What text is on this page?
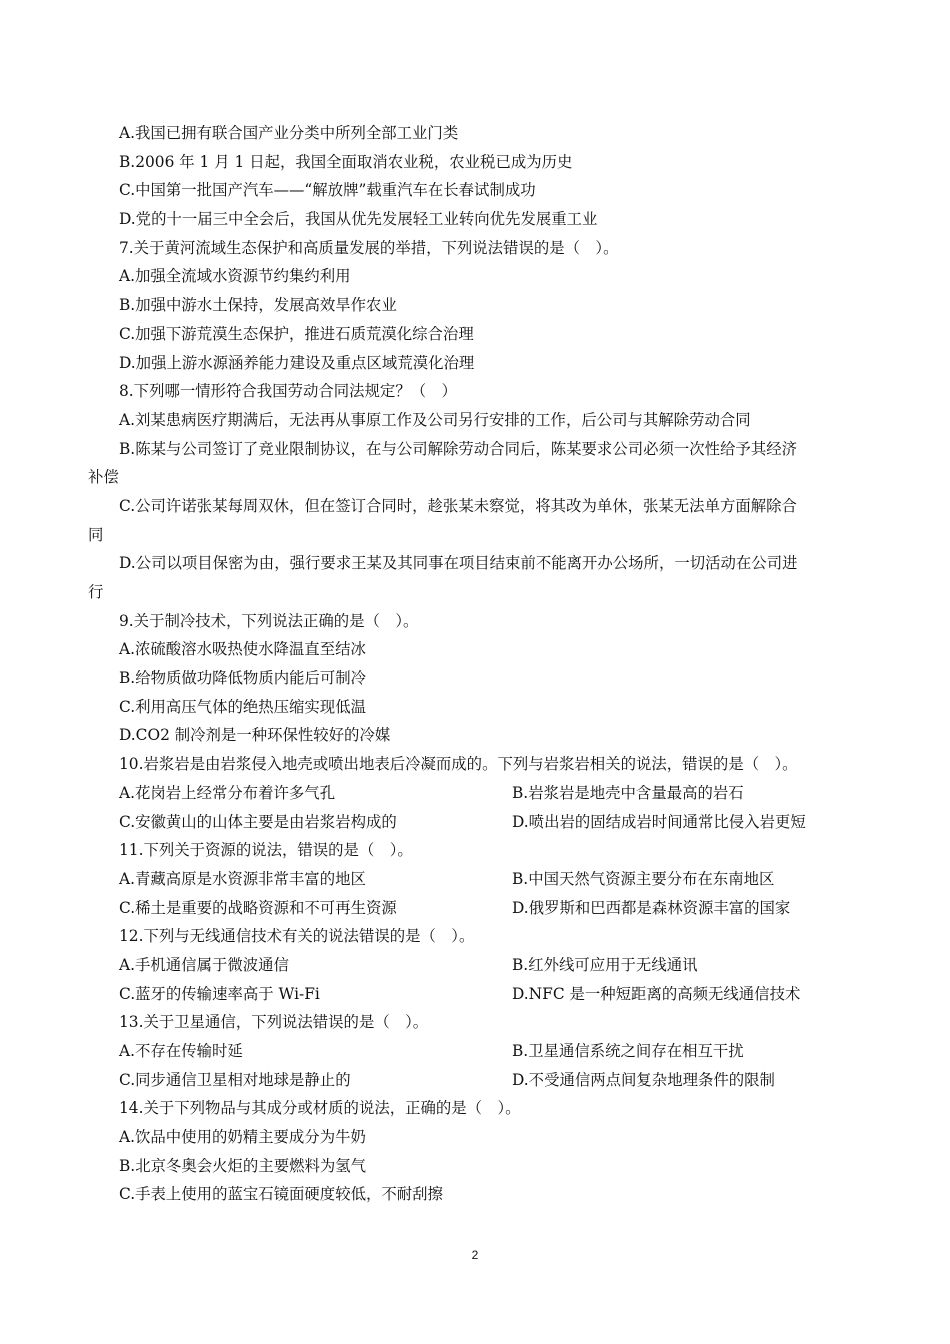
A.我国已拥有联合国产业分类中所列全部工业门类
B.2006 年 1 月 1 日起，我国全面取消农业税，农业税已成为历史
C.中国第一批国产汽车——“解放牌”载重汽车在长春试制成功
D.党的十一届三中全会后，我国从优先发展轻工业转向优先发展重工业
7.关于黄河流域生态保护和高质量发展的举措，下列说法错误的是（　）。
A.加强全流域水资源节约集约利用
B.加强中游水土保持，发展高效旱作农业
C.加强下游荒漠生态保护，推进石质荒漠化综合治理
D.加强上游水源涵养能力建设及重点区域荒漠化治理
8.下列哪一情形符合我国劳动合同法规定？（　）
A.刘某患病医疗期满后，无法再从事原工作及公司另行安排的工作，后公司与其解除劳动合同
B.陈某与公司签订了竞业限制协议，在与公司解除劳动合同后，陈某要求公司必须一次性给予其经济
补偿
C.公司许诺张某每周双休，但在签订合同时，趁张某未察觉，将其改为单休，张某无法单方面解除合
同
D.公司以项目保密为由，强行要求王某及其同事在项目结束前不能离开办公场所，一切活动在公司进
行
9.关于制冷技术，下列说法正确的是（　）。
A.浓硫酸溶水吸热使水降温直至结冰
B.给物质做功降低物质内能后可制冷
C.利用高压气体的绝热压缩实现低温
D.CO2 制冷剂是一种环保性较好的冷媒
10.岩浆岩是由岩浆侵入地壳或喷出地表后冷凝而成的。下列与岩浆岩相关的说法，错误的是（　）。
A.花岗岩上经常分布着许多气孔	B.岩浆岩是地壳中含量最高的岩石
C.安徽黄山的山体主要是由岩浆岩构成的	D.喷出岩的固结成岩时间通常比侵入岩更短
11.下列关于资源的说法，错误的是（　）。
A.青藏高原是水资源非常丰富的地区	B.中国天然气资源主要分布在东南地区
C.稀土是重要的战略资源和不可再生资源	D.俄罗斯和巴西都是森林资源丰富的国家
12.下列与无线通信技术有关的说法错误的是（　）。
A.手机通信属于微波通信	B.红外线可应用于无线通讯
C.蓝牙的传输速率高于 Wi-Fi	D.NFC 是一种短距离的高频无线通信技术
13.关于卫星通信，下列说法错误的是（　）。
A.不存在传输时延	B.卫星通信系统之间存在相互干扰
C.同步通信卫星相对地球是静止的	D.不受通信两点间复杂地理条件的限制
14.关于下列物品与其成分或材质的说法，正确的是（　）。
A.饮品中使用的奶精主要成分为牛奶
B.北京冬奥会火炬的主要燃料为氢气
C.手表上使用的蓝宝石镜面硬度较低，不耐刮擦
2
